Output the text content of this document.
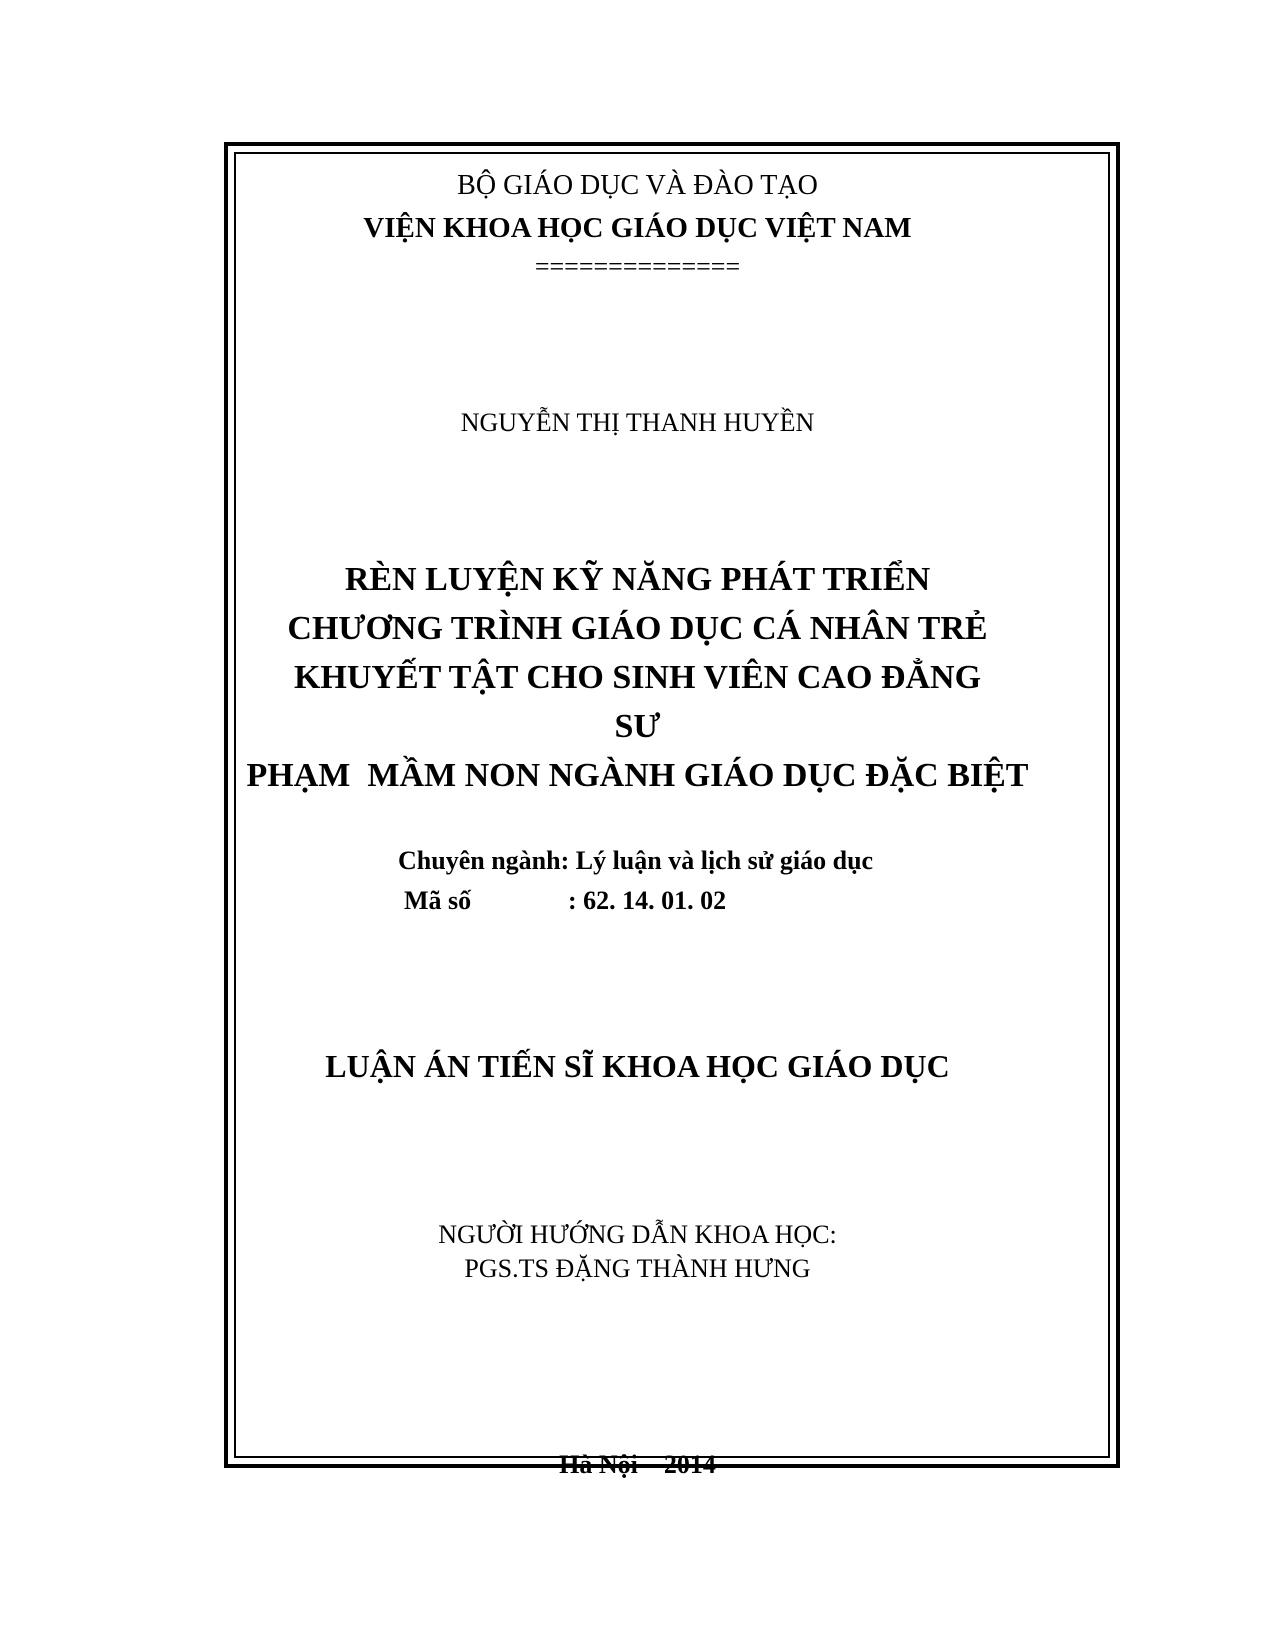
BỘ GIÁO DỤC VÀ ĐÀO TẠO
VIỆN KHOA HỌC GIÁO DỤC VIỆT NAM
==============
NGUYỄN THỊ THANH HUYỀN
RÈN LUYỆN KỸ NĂNG PHÁT TRIỂN
CHƯƠNG TRÌNH GIÁO DỤC CÁ NHÂN TRẺ
KHUYẾT TẬT CHO SINH VIÊN CAO ĐẲNG
SƯ
PHẠM  MẦM NON NGÀNH GIÁO DỤC ĐẶC BIỆT
Chuyên ngành: Lý luận và lịch sử giáo dục
Mã số	: 62. 14. 01. 02
LUẬN ÁN TIẾN SĨ KHOA HỌC GIÁO DỤC
NGƯỜI HƯỚNG DẪN KHOA HỌC:
PGS.TS ĐẶNG THÀNH HƯNG
Hà Nội – 2014
